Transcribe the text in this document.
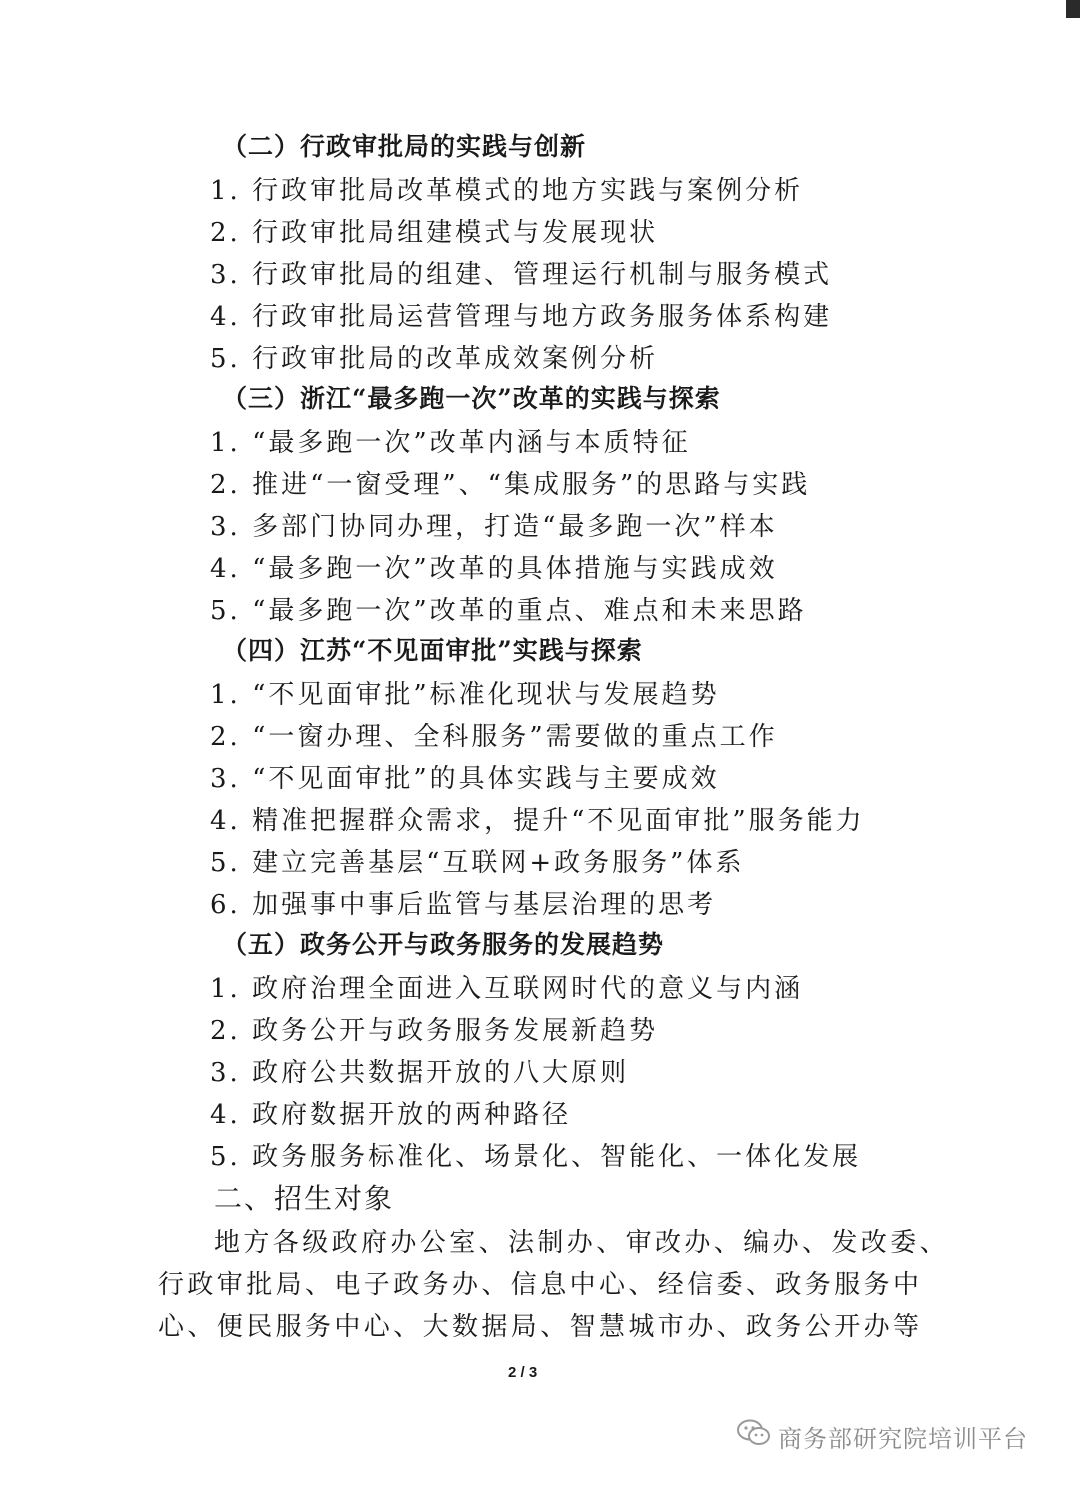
（二）行政审批局的实践与创新
1. 行政审批局改革模式的地方实践与案例分析
2. 行政审批局组建模式与发展现状
3. 行政审批局的组建、管理运行机制与服务模式
4. 行政审批局运营管理与地方政务服务体系构建
5. 行政审批局的改革成效案例分析
（三）浙江“最多跑一次”改革的实践与探索
1. “最多跑一次”改革内涵与本质特征
2. 推进“一窗受理”、“集成服务”的思路与实践
3. 多部门协同办理，打造“最多跑一次”样本
4. “最多跑一次”改革的具体措施与实践成效
5. “最多跑一次”改革的重点、难点和未来思路
（四）江苏“不见面审批”实践与探索
1. “不见面审批”标准化现状与发展趋势
2. “一窗办理、全科服务”需要做的重点工作
3. “不见面审批”的具体实践与主要成效
4. 精准把握群众需求，提升“不见面审批”服务能力
5. 建立完善基层“互联网+政务服务”体系
6. 加强事中事后监管与基层治理的思考
（五）政务公开与政务服务的发展趋势
1. 政府治理全面进入互联网时代的意义与内涵
2. 政务公开与政务服务发展新趋势
3. 政府公共数据开放的八大原则
4. 政府数据开放的两种路径
5. 政务服务标准化、场景化、智能化、一体化发展
二、招生对象
地方各级政府办公室、法制办、审改办、编办、发改委、
行政审批局、电子政务办、信息中心、经信委、政务服务中
心、便民服务中心、大数据局、智慧城市办、政务公开办等
2 / 3
商务部研究院培训平台
